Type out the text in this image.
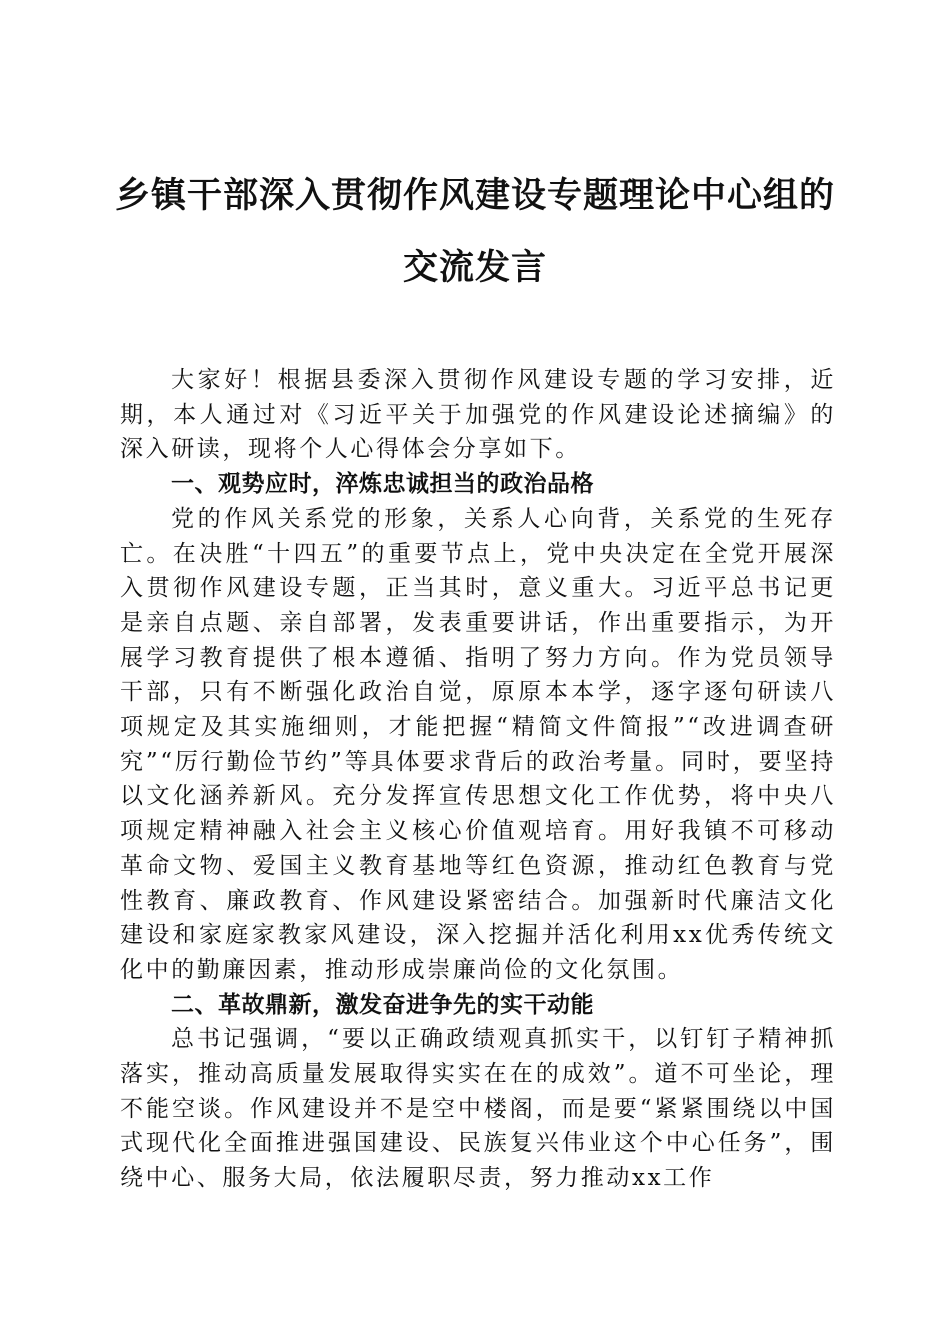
乡镇干部深入贯彻作风建设专题理论中心组的
交流发言

大家好！根据县委深入贯彻作风建设专题的学习安排，近期，本人通过对《习近平关于加强党的作风建设论述摘编》的深入研读，现将个人心得体会分享如下。

一、观势应时，淬炼忠诚担当的政治品格

党的作风关系党的形象，关系人心向背，关系党的生死存亡。在决胜“十四五”的重要节点上，党中央决定在全党开展深入贯彻作风建设专题，正当其时，意义重大。习近平总书记更是亲自点题、亲自部署，发表重要讲话，作出重要指示，为开展学习教育提供了根本遵循、指明了努力方向。作为党员领导干部，只有不断强化政治自觉，原原本本学，逐字逐句研读八项规定及其实施细则，才能把握“精简文件简报”“改进调查研究”“厉行勤俭节约”等具体要求背后的政治考量。同时，要坚持以文化涵养新风。充分发挥宣传思想文化工作优势，将中央八项规定精神融入社会主义核心价值观培育。用好我镇不可移动革命文物、爱国主义教育基地等红色资源，推动红色教育与党性教育、廉政教育、作风建设紧密结合。加强新时代廉洁文化建设和家庭家教家风建设，深入挖掘并活化利用xx优秀传统文化中的勤廉因素，推动形成崇廉尚俭的文化氛围。

二、革故鼎新，激发奋进争先的实干动能

总书记强调，“要以正确政绩观真抓实干，以钉钉子精神抓落实，推动高质量发展取得实实在在的成效”。道不可坐论，理不能空谈。作风建设并不是空中楼阁，而是要“紧紧围绕以中国式现代化全面推进强国建设、民族复兴伟业这个中心任务”，围绕中心、服务大局，依法履职尽责，努力推动xx工作
